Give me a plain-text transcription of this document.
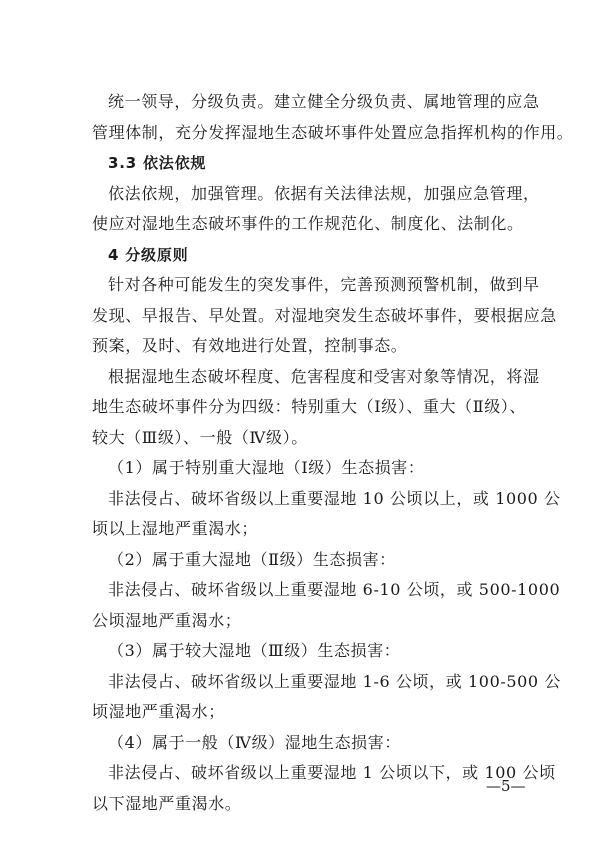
统一领导，分级负责。建立健全分级负责、属地管理的应急
管理体制，充分发挥湿地生态破坏事件处置应急指挥机构的作用。
3.3 依法依规
依法依规，加强管理。依据有关法律法规，加强应急管理，
使应对湿地生态破坏事件的工作规范化、制度化、法制化。
4 分级原则
针对各种可能发生的突发事件，完善预测预警机制，做到早
发现、早报告、早处置。对湿地突发生态破坏事件，要根据应急
预案，及时、有效地进行处置，控制事态。
根据湿地生态破坏程度、危害程度和受害对象等情况，将湿
地生态破坏事件分为四级：特别重大（Ⅰ级）、重大（Ⅱ级）、
较大（Ⅲ级）、一般（Ⅳ级）。
（1）属于特别重大湿地（Ⅰ级）生态损害：
非法侵占、破坏省级以上重要湿地 10 公顷以上，或 1000 公
顷以上湿地严重渴水；
（2）属于重大湿地（Ⅱ级）生态损害：
非法侵占、破坏省级以上重要湿地 6-10 公顷，或 500-1000
公顷湿地严重渴水；
（3）属于较大湿地（Ⅲ级）生态损害：
非法侵占、破坏省级以上重要湿地 1-6 公顷，或 100-500 公
顷湿地严重渴水；
（4）属于一般（Ⅳ级）湿地生态损害：
非法侵占、破坏省级以上重要湿地 1 公顷以下，或 100 公顷
以下湿地严重渴水。
—5—
